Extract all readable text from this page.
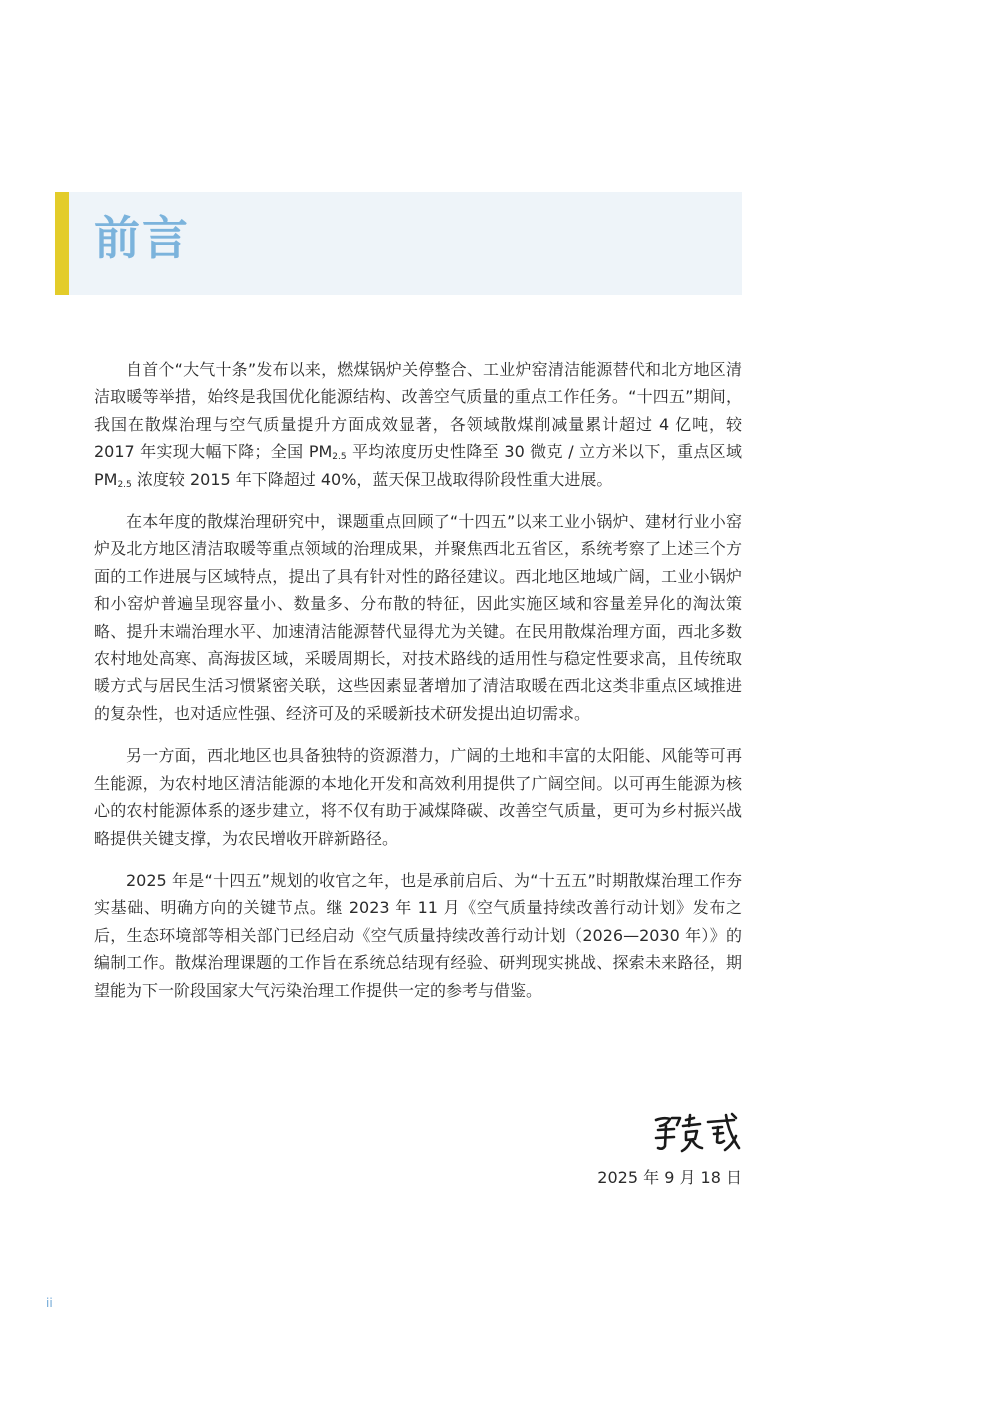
前言

自首个“大气十条”发布以来，燃煤锅炉关停整合、工业炉窑清洁能源替代和北方地区清洁取暖等举措，始终是我国优化能源结构、改善空气质量的重点工作任务。“十四五”期间，我国在散煤治理与空气质量提升方面成效显著，各领域散煤削减量累计超过 4 亿吨，较 2017 年实现大幅下降；全国 $PM_{2.5}$ 平均浓度历史性降至 30 微克 / 立方米以下，重点区域 $PM_{2.5}$ 浓度较 2015 年下降超过 40%，蓝天保卫战取得阶段性重大进展。

在本年度的散煤治理研究中，课题重点回顾了“十四五”以来工业小锅炉、建材行业小窑炉及北方地区清洁取暖等重点领域的治理成果，并聚焦西北五省区，系统考察了上述三个方面的工作进展与区域特点，提出了具有针对性的路径建议。西北地区地域广阔，工业小锅炉和小窑炉普遍呈现容量小、数量多、分布散的特征，因此实施区域和容量差异化的淘汰策略、提升末端治理水平、加速清洁能源替代显得尤为关键。在民用散煤治理方面，西北多数农村地处高寒、高海拔区域，采暖周期长，对技术路线的适用性与稳定性要求高，且传统取暖方式与居民生活习惯紧密关联，这些因素显著增加了清洁取暖在西北这类非重点区域推进的复杂性，也对适应性强、经济可及的采暖新技术研发提出迫切需求。

另一方面，西北地区也具备独特的资源潜力，广阔的土地和丰富的太阳能、风能等可再生能源，为农村地区清洁能源的本地化开发和高效利用提供了广阔空间。以可再生能源为核心的农村能源体系的逐步建立，将不仅有助于减煤降碳、改善空气质量，更可为乡村振兴战略提供关键支撑，为农民增收开辟新路径。

2025 年是“十四五”规划的收官之年，也是承前启后、为“十五五”时期散煤治理工作夯实基础、明确方向的关键节点。继 2023 年 11 月《空气质量持续改善行动计划》发布之后，生态环境部等相关部门已经启动《空气质量持续改善行动计划（2026—2030 年）》的编制工作。散煤治理课题的工作旨在系统总结现有经验、研判现实挑战、探索未来路径，期望能为下一阶段国家大气污染治理工作提供一定的参考与借鉴。

2025 年 9 月 18 日
ii
